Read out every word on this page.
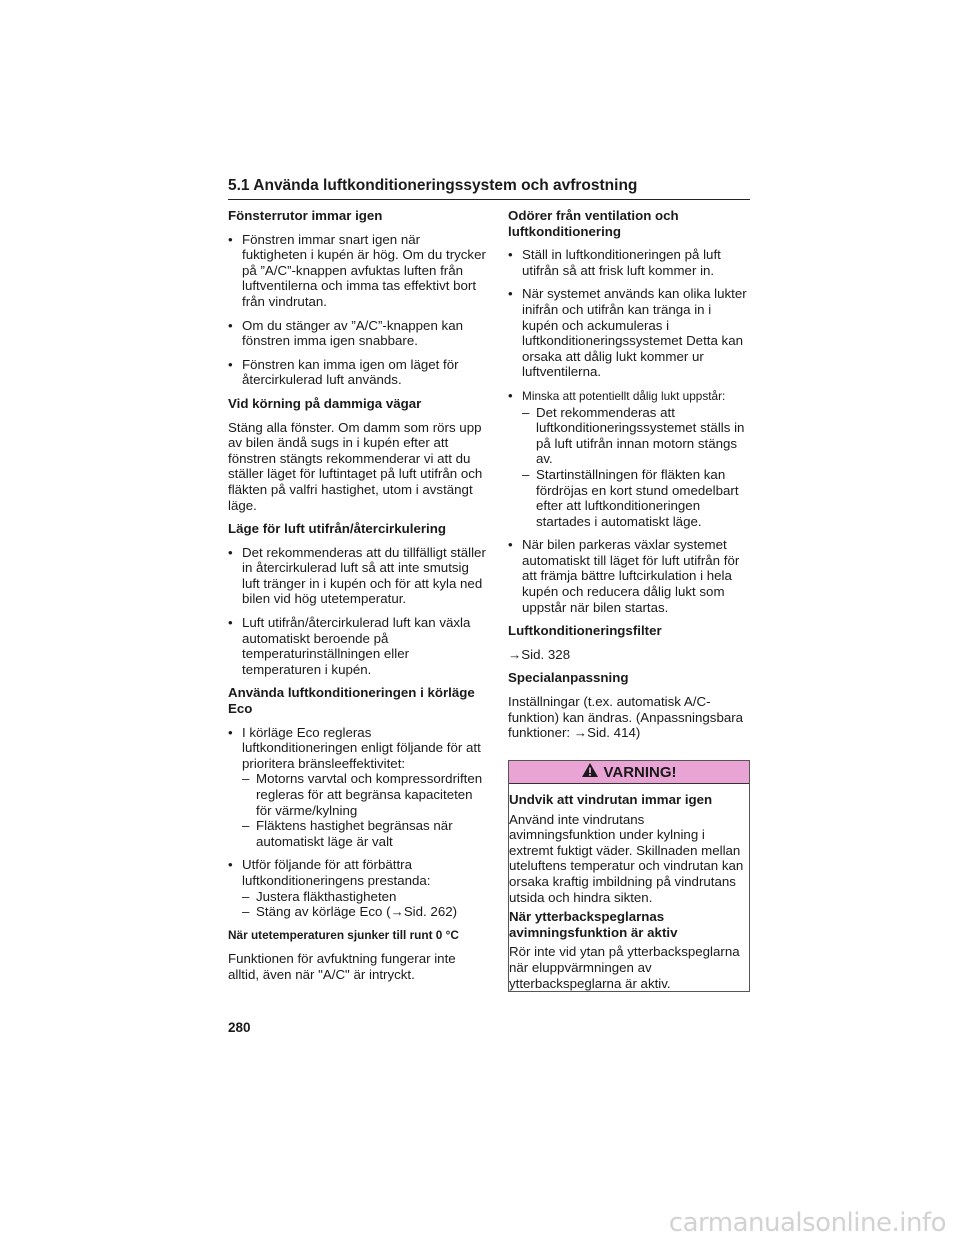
5.1 Använda luftkonditioneringssystem och avfrostning
Fönsterrutor immar igen
• Fönstren immar snart igen när fuktigheten i kupén är hög. Om du trycker på ”A/C”-knappen avfuktas luften från luftventilerna och imma tas effektivt bort från vindrutan.
• Om du stänger av ”A/C”-knappen kan fönstren imma igen snabbare.
• Fönstren kan imma igen om läget för återcirkulerad luft används.
Vid körning på dammiga vägar
Stäng alla fönster. Om damm som rörs upp av bilen ändå sugs in i kupén efter att fönstren stängts rekommenderar vi att du ställer läget för luftintaget på luft utifrån och fläkten på valfri hastighet, utom i avstängt läge.
Läge för luft utifrån/återcirkulering
• Det rekommenderas att du tillfälligt ställer in återcirkulerad luft så att inte smutsig luft tränger in i kupén och för att kyla ned bilen vid hög utetemperatur.
• Luft utifrån/återcirkulerad luft kan växla automatiskt beroende på temperaturinställningen eller temperaturen i kupén.
Använda luftkonditioneringen i körläge Eco
• I körläge Eco regleras luftkonditioneringen enligt följande för att prioritera bränsleeffektivitet:
– Motorns varvtal och kompressordriften regleras för att begränsa kapaciteten för värme/kylning
– Fläktens hastighet begränsas när automatiskt läge är valt
• Utför följande för att förbättra luftkonditioneringens prestanda:
– Justera fläkthastigheten
– Stäng av körläge Eco (→Sid. 262)
När utetemperaturen sjunker till runt 0 °C
Funktionen för avfuktning fungerar inte alltid, även när "A/C" är intryckt.
Odörer från ventilation och luftkonditionering
• Ställ in luftkonditioneringen på luft utifrån så att frisk luft kommer in.
• När systemet används kan olika lukter inifrån och utifrån kan tränga in i kupén och ackumuleras i luftkonditioneringssystemet Detta kan orsaka att dålig lukt kommer ur luftventilerna.
• Minska att potentiellt dålig lukt uppstår:
– Det rekommenderas att luftkonditioneringssystemet ställs in på luft utifrån innan motorn stängs av.
– Startinställningen för fläkten kan fördröjas en kort stund omedelbart efter att luftkonditioneringen startades i automatiskt läge.
• När bilen parkeras växlar systemet automatiskt till läget för luft utifrån för att främja bättre luftcirkulation i hela kupén och reducera dålig lukt som uppstår när bilen startas.
Luftkonditioneringsfilter
→Sid. 328
Specialanpassning
Inställningar (t.ex. automatisk A/C-funktion) kan ändras. (Anpassningsbara funktioner: →Sid. 414)
VARNING!
Undvik att vindrutan immar igen
Använd inte vindrutans avimningsfunktion under kylning i extremt fuktigt väder. Skillnaden mellan uteluftens temperatur och vindrutan kan orsaka kraftig imbildning på vindrutans utsida och hindra sikten.
När ytterbackspeglarnas avimningsfunktion är aktiv
Rör inte vid ytan på ytterbackspeglarna när eluppvärmningen av ytterbackspeglarna är aktiv.
280
carmanualsonline.info
